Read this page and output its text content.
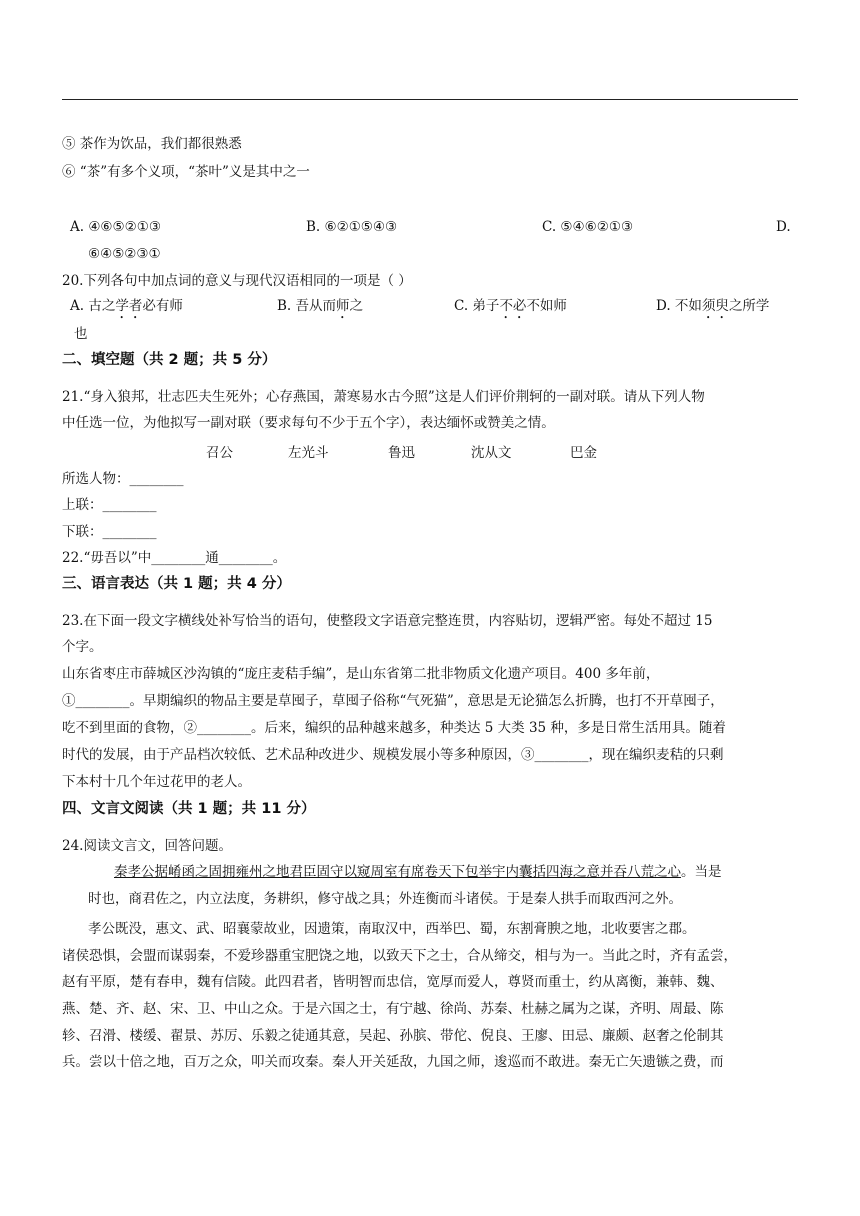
⑤ 茶作为饮品，我们都很熟悉
⑥ “茶”有多个义项，“茶叶”义是其中之一
A. ④⑥⑤②①③	B. ⑥②①⑤④③	C. ⑤④⑥②①③	D.
⑥④⑤②③①
20.下列各句中加点词的意义与现代汉语相同的一项是（ ）
A. 古之学者必有师	B. 吾从而师之	C. 弟子不必不如师	D. 不如须臾之所学
也
二、填空题（共 2 题；共 5 分）
21.“身入狼邦，壮志匹夫生死外；心存燕国，萧寒易水古今照”这是人们评价荆轲的一副对联。请从下列人物
中任选一位，为他拟写一副对联（要求每句不少于五个字），表达缅怀或赞美之情。
召公	左光斗	鲁迅	沈从文	巴金
所选人物：________
上联：________
下联：________
22.“毋吾以”中________通________。
三、语言表达（共 1 题；共 4 分）
23.在下面一段文字横线处补写恰当的语句，使整段文字语意完整连贯，内容贴切，逻辑严密。每处不超过 15
个字。
山东省枣庄市薛城区沙沟镇的“庞庄麦秸手编”，是山东省第二批非物质文化遗产项目。400 多年前，
①________。早期编织的物品主要是草囤子，草囤子俗称“气死猫”，意思是无论猫怎么折腾，也打不开草囤子，
吃不到里面的食物，②________。后来，编织的品种越来越多，种类达 5 大类 35 种，多是日常生活用具。随着
时代的发展，由于产品档次较低、艺术品种改进少、规模发展小等多种原因，③________，现在编织麦秸的只剩
下本村十几个年过花甲的老人。
四、文言文阅读（共 1 题；共 11 分）
24.阅读文言文，回答问题。
秦孝公据崤函之固拥雍州之地君臣固守以窥周室有席卷天下包举宇内囊括四海之意并吞八荒之心。当是
时也，商君佐之，内立法度，务耕织，修守战之具；外连衡而斗诸侯。于是秦人拱手而取西河之外。
孝公既没，惠文、武、昭襄蒙故业，因遗策，南取汉中，西举巴、蜀，东割膏腴之地，北收要害之郡。
诸侯恐惧，会盟而谋弱秦，不爱珍器重宝肥饶之地，以致天下之士，合从缔交，相与为一。当此之时，齐有孟尝，
赵有平原，楚有春申，魏有信陵。此四君者，皆明智而忠信，宽厚而爱人，尊贤而重士，约从离衡，兼韩、魏、
燕、楚、齐、赵、宋、卫、中山之众。于是六国之士，有宁越、徐尚、苏秦、杜赫之属为之谋，齐明、周最、陈
轸、召滑、楼缓、翟景、苏厉、乐毅之徒通其意，吴起、孙膑、带佗、倪良、王廖、田忌、廉颇、赵奢之伦制其
兵。尝以十倍之地，百万之众，叩关而攻秦。秦人开关延敌，九国之师，逡巡而不敢进。秦无亡矢遗镞之费，而
